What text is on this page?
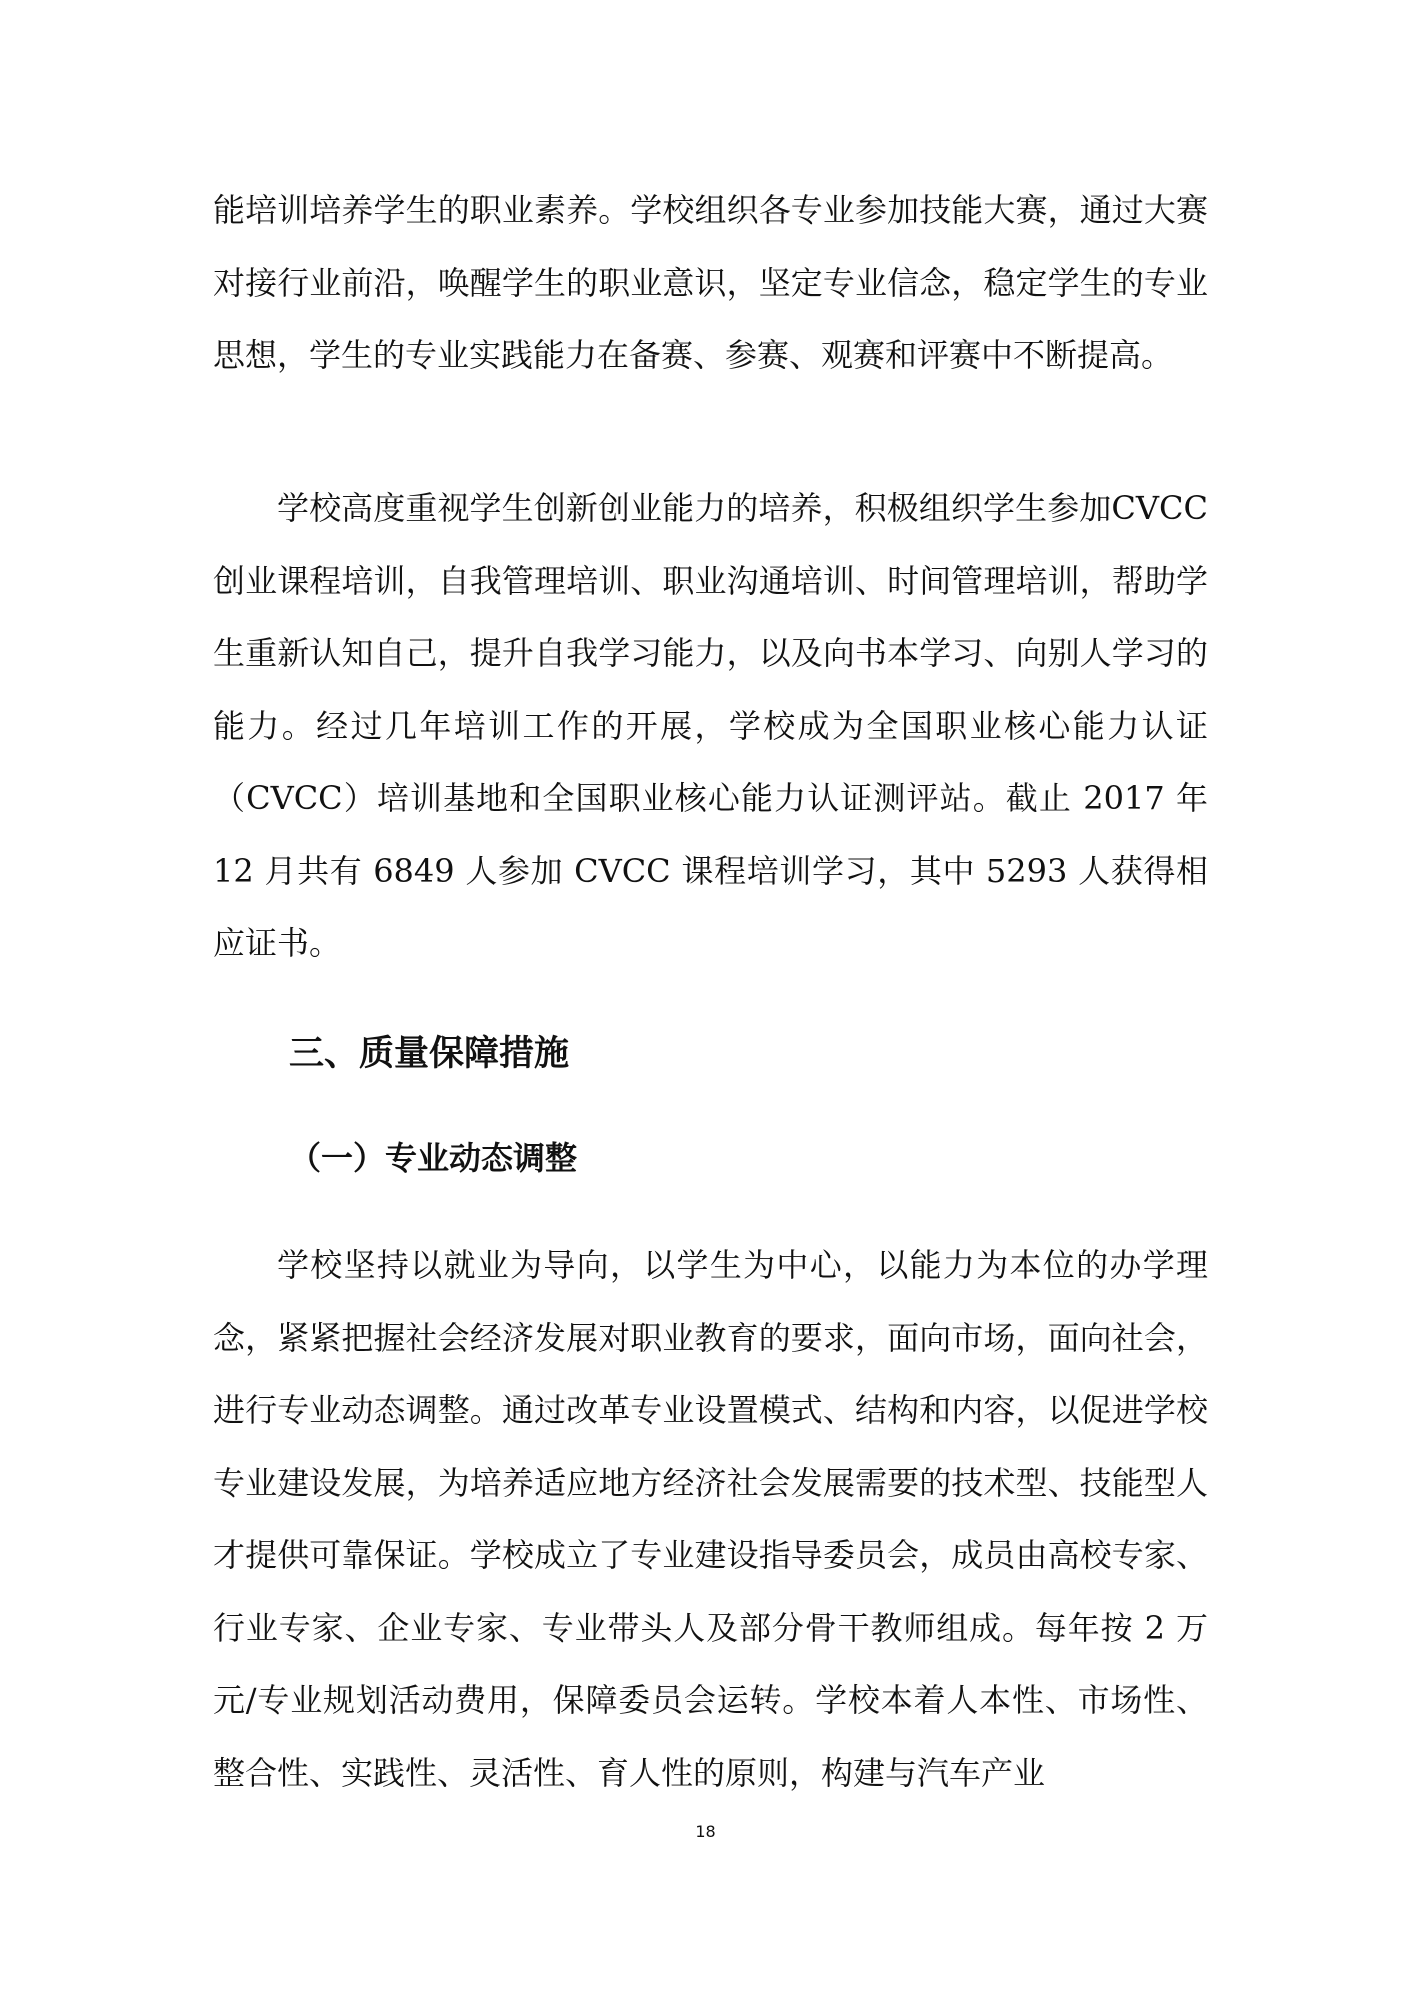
能培训培养学生的职业素养。学校组织各专业参加技能大赛，通过大赛对接行业前沿，唤醒学生的职业意识，坚定专业信念，稳定学生的专业思想，学生的专业实践能力在备赛、参赛、观赛和评赛中不断提高。

学校高度重视学生创新创业能力的培养，积极组织学生参加CVCC创业课程培训，自我管理培训、职业沟通培训、时间管理培训，帮助学生重新认知自己，提升自我学习能力，以及向书本学习、向别人学习的能力。经过几年培训工作的开展，学校成为全国职业核心能力认证（CVCC）培训基地和全国职业核心能力认证测评站。截止 2017 年 12 月共有 6849 人参加 CVCC 课程培训学习，其中 5293 人获得相应证书。

三、质量保障措施
（一）专业动态调整

学校坚持以就业为导向，以学生为中心，以能力为本位的办学理念，紧紧把握社会经济发展对职业教育的要求，面向市场，面向社会，进行专业动态调整。通过改革专业设置模式、结构和内容，以促进学校专业建设发展，为培养适应地方经济社会发展需要的技术型、技能型人才提供可靠保证。学校成立了专业建设指导委员会，成员由高校专家、行业专家、企业专家、专业带头人及部分骨干教师组成。每年按 2 万元/专业规划活动费用，保障委员会运转。学校本着人本性、市场性、整合性、实践性、灵活性、育人性的原则，构建与汽车产业

18
